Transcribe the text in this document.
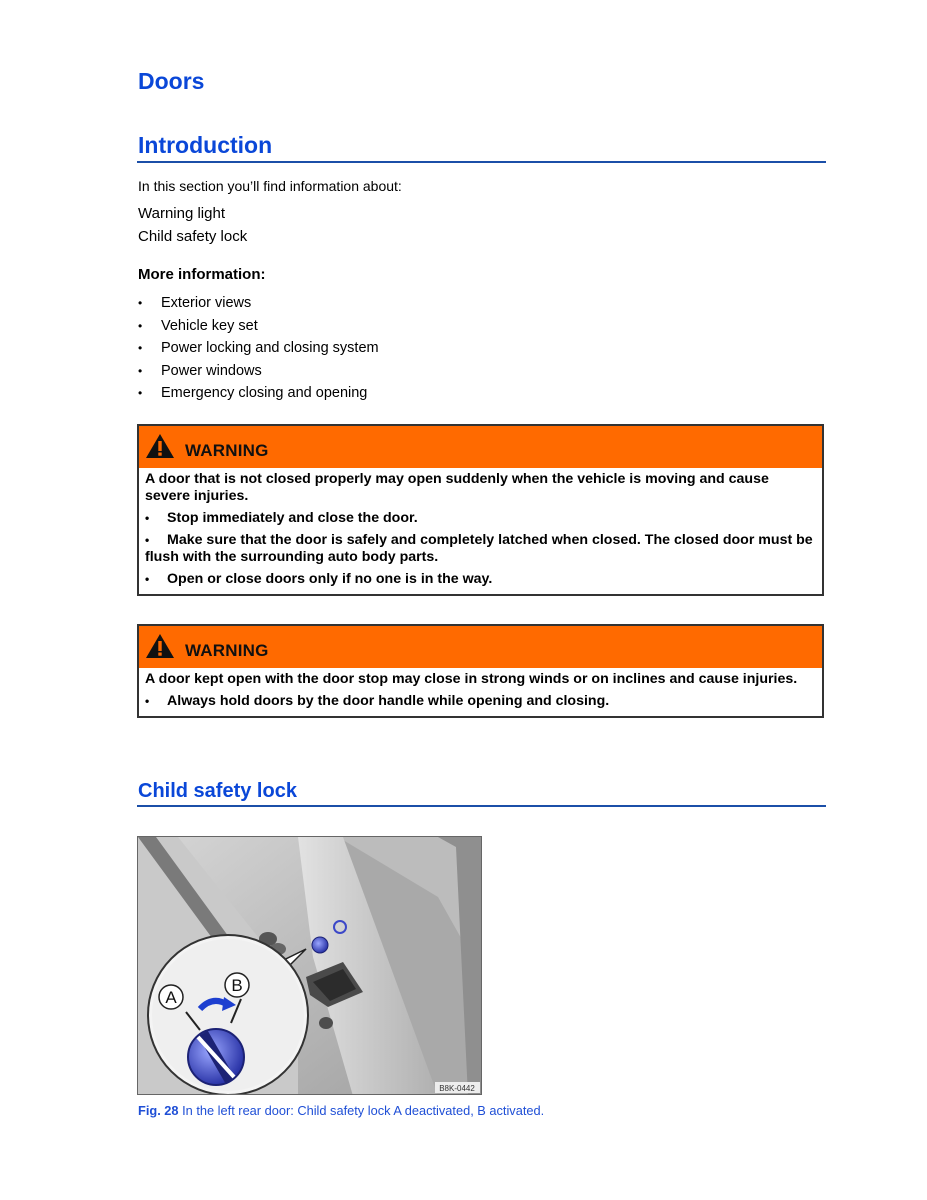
Doors
Introduction
In this section you’ll find information about:
Warning light
Child safety lock
More information:
• Exterior views
• Vehicle key set
• Power locking and closing system
• Power windows
• Emergency closing and opening
WARNING

A door that is not closed properly may open suddenly when the vehicle is moving and cause severe injuries.

• Stop immediately and close the door.
• Make sure that the door is safely and completely latched when closed. The closed door must be flush with the surrounding auto body parts.
• Open or close doors only if no one is in the way.
WARNING

A door kept open with the door stop may close in strong winds or on inclines and cause injuries.

• Always hold doors by the door handle while opening and closing.
Child safety lock
A
B
B8K-0442
Fig. 28 In the left rear door: Child safety lock A deactivated, B activated.
